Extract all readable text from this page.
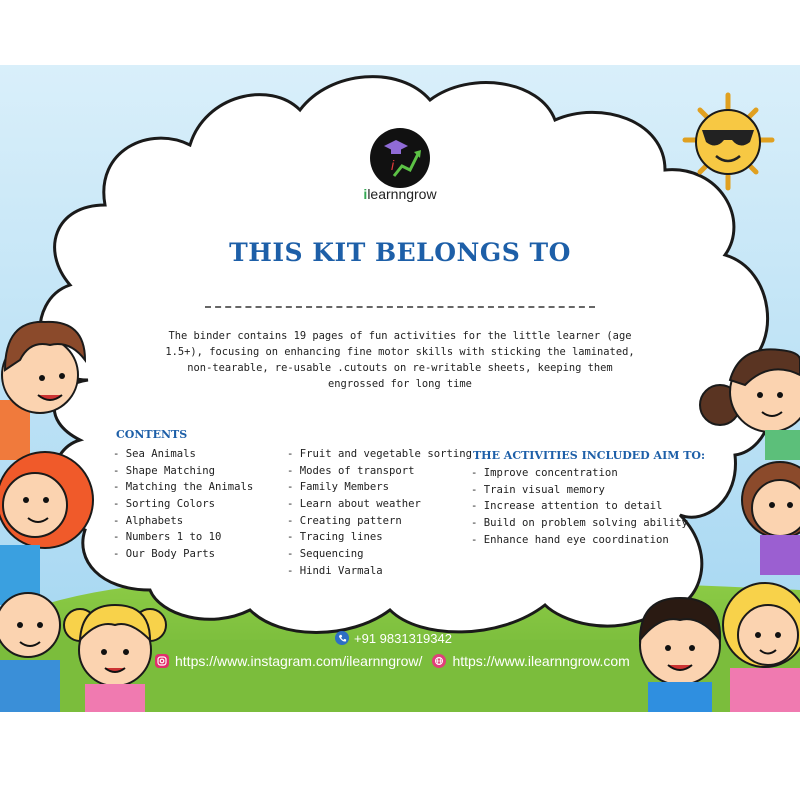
i
ilearnngrow
THIS KIT BELONGS TO
The binder contains 19 pages of fun activities for the little learner (age 1.5+), focusing on enhancing fine motor skills with sticking the laminated, non-tearable, re-usable .cutouts on re-writable sheets, keeping them engrossed for long time
CONTENTS
- Sea Animals
- Shape Matching
- Matching the Animals
- Sorting Colors
- Alphabets
- Numbers 1 to 10
- Our Body Parts
- Fruit and vegetable sorting
- Modes of transport
- Family Members
- Learn about weather
- Creating pattern
- Tracing lines
- Sequencing
- Hindi Varmala
THE ACTIVITIES INCLUDED AIM TO:
- Improve concentration
- Train visual memory
- Increase attention to detail
- Build on problem solving ability
- Enhance hand eye coordination
+91 9831319342
https://www.instagram.com/ilearnngrow/ https://www.ilearnngrow.com
